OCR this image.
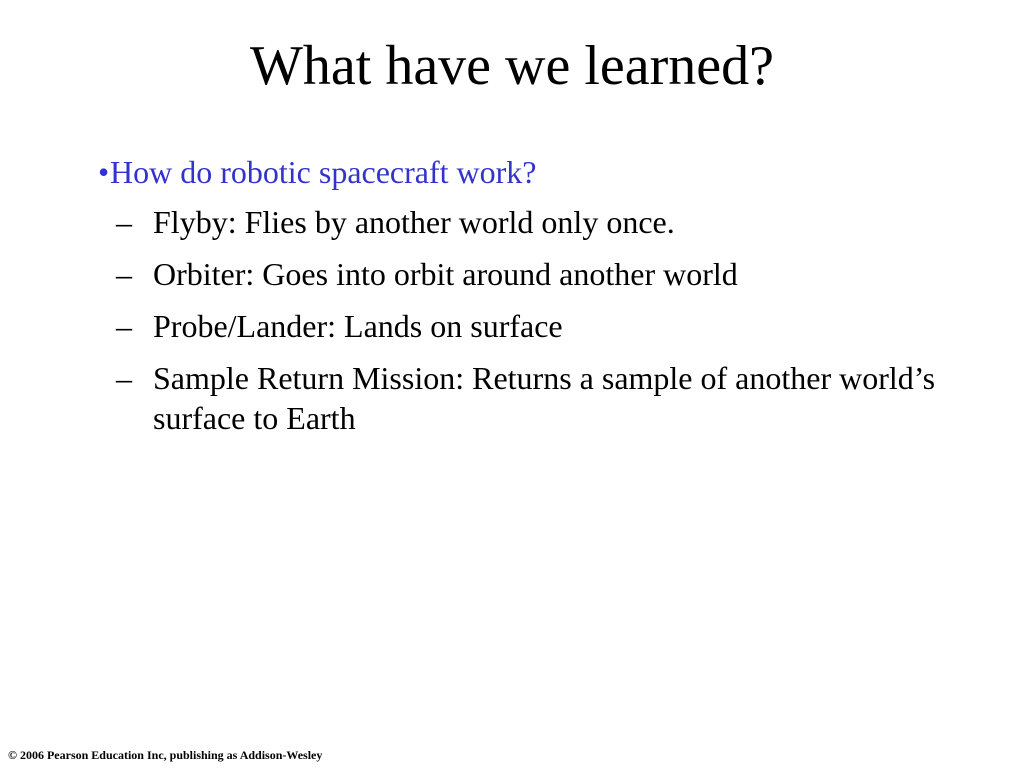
What have we learned?
• How do robotic spacecraft work?
– Flyby: Flies by another world only once.
– Orbiter: Goes into orbit around another world
– Probe/Lander: Lands on surface
– Sample Return Mission: Returns a sample of another world’s surface to Earth
© 2006 Pearson Education Inc, publishing as Addison-Wesley
